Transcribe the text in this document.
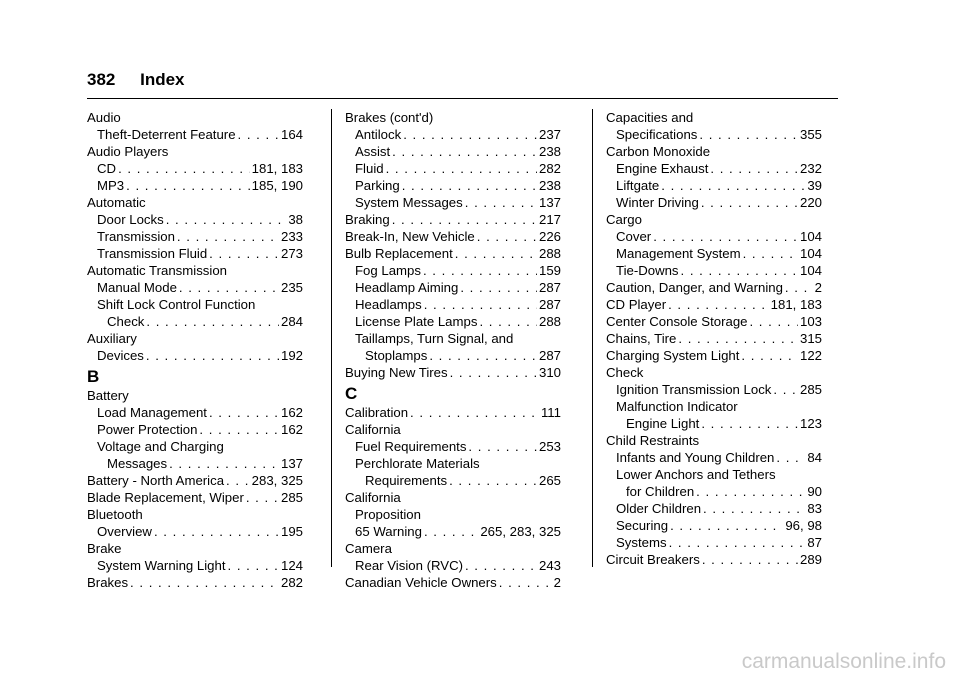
382 Index
Audio
Theft-Deterrent Feature . . .	164
Audio Players
CD . . .	181, 183
MP3 . . .	185, 190
Automatic
Door Locks . . .	38
Transmission . . .	233
Transmission Fluid . . .	273
Automatic Transmission
Manual Mode . . .	235
Shift Lock Control Function
Check . . .	284
Auxiliary
Devices . . .	192
B
Battery
Load Management . . .	162
Power Protection . . .	162
Voltage and Charging
Messages . . .	137
Battery - North America . . . 283, 325
Blade Replacement, Wiper . . .	285
Bluetooth
Overview . . .	195
Brake
System Warning Light . . .	124
Brakes . . .	282
Brakes (cont'd)
Antilock . . .	237
Assist . . .	238
Fluid . . .	282
Parking . . .	238
System Messages . . .	137
Braking . . .	217
Break-In, New Vehicle . . .	226
Bulb Replacement . . .	288
Fog Lamps . . .	159
Headlamp Aiming . . .	287
Headlamps . . .	287
License Plate Lamps . . .	288
Taillamps, Turn Signal, and
Stoplamps . . .	287
Buying New Tires . . .	310
C
Calibration . . .	111
California
Fuel Requirements . . .	253
Perchlorate Materials
Requirements . . .	265
California
Proposition
65 Warning . . .	265, 283, 325
Camera
Rear Vision (RVC) . . .	243
Canadian Vehicle Owners . . .	2
Capacities and
Specifications . . .	355
Carbon Monoxide
Engine Exhaust . . .	232
Liftgate . . .	39
Winter Driving . . .	220
Cargo
Cover . . .	104
Management System . . .	104
Tie-Downs . . .	104
Caution, Danger, and Warning . . . 2
CD Player . . .	181, 183
Center Console Storage . . .	103
Chains, Tire . . .	315
Charging System Light . . .	122
Check
Ignition Transmission Lock . . . 285
Malfunction Indicator
Engine Light . . .	123
Child Restraints
Infants and Young Children . . . 84
Lower Anchors and Tethers
for Children . . .	90
Older Children . . .	83
Securing . . .	96, 98
Systems . . .	87
Circuit Breakers . . .	289
carmanualsonline.info
